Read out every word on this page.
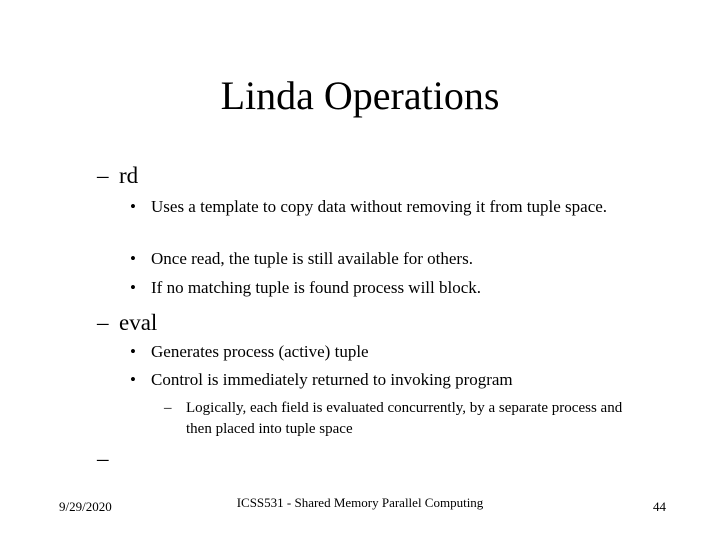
Linda Operations
– rd
• Uses a template to copy data without removing it from tuple space.
• Once read, the tuple is still available for others.
• If no matching tuple is found process will block.
– eval
• Generates process (active) tuple
• Control is immediately returned to invoking program
– Logically, each field is evaluated concurrently, by a separate process and then placed into tuple space
–
9/29/2020	ICSS531 - Shared Memory Parallel Computing	44
